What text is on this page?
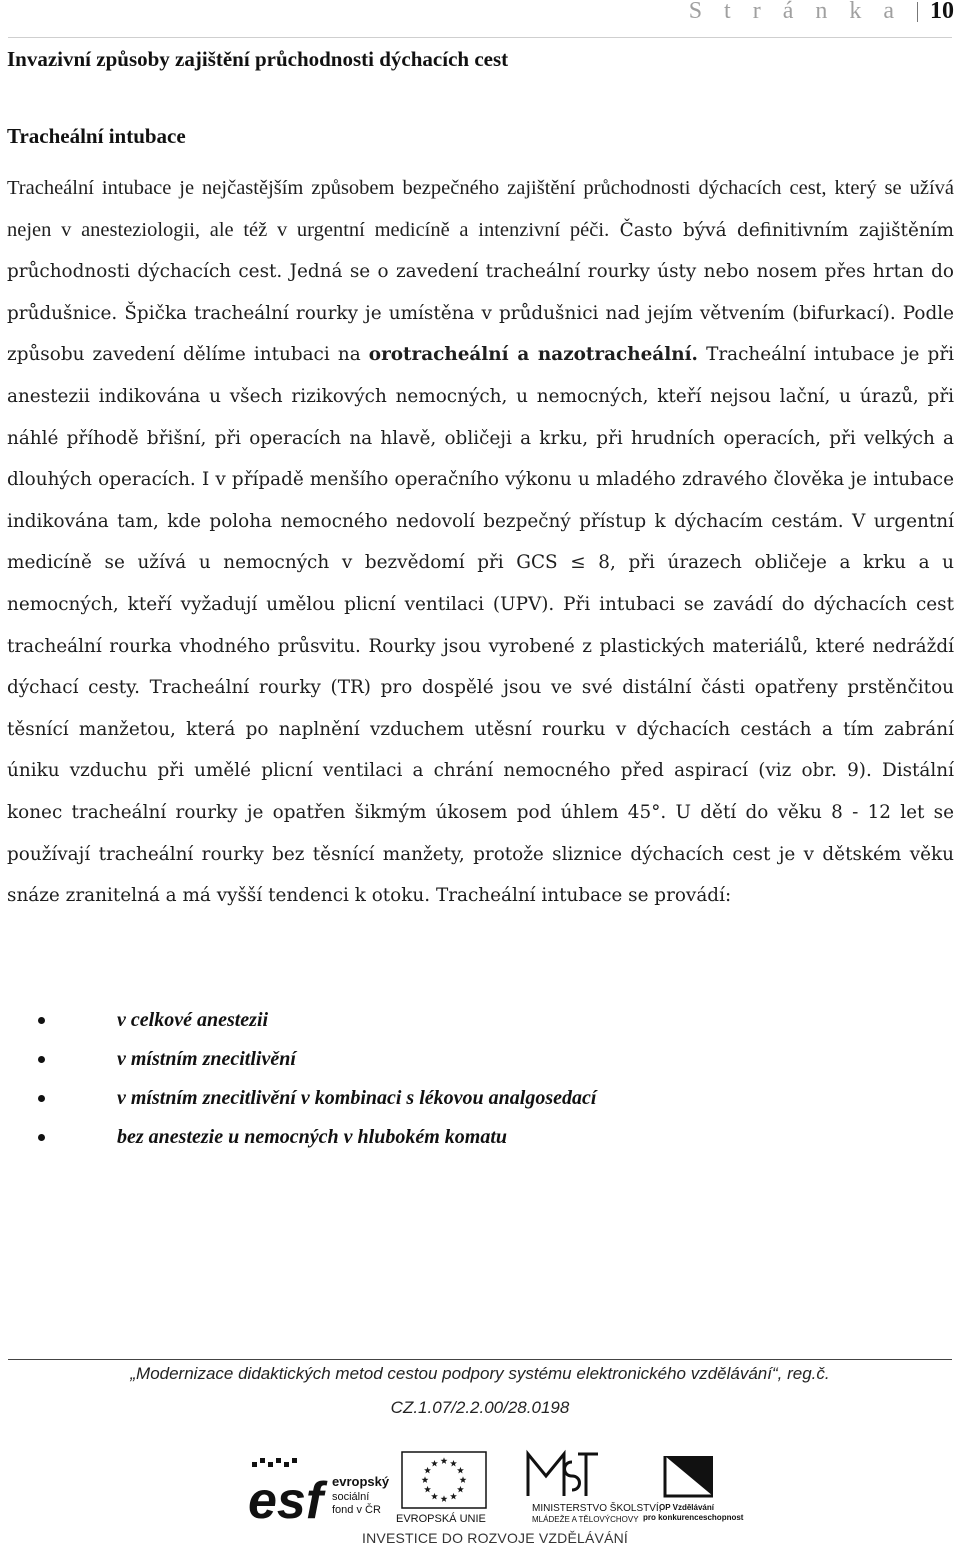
S t r á n k a 10
Invazivní způsoby zajištění průchodnosti dýchacích cest
Tracheální intubace

Tracheální intubace je nejčastějším způsobem bezpečného zajištění průchodnosti dýchacích cest, který se užívá nejen v anesteziologii, ale též v urgentní medicíně a intenzivní péči. Často bývá definitivním zajištěním průchodnosti dýchacích cest. Jedná se o zavedení tracheální rourky ústy nebo nosem přes hrtan do průdušnice. Špička tracheální rourky je umístěna v průdušnici nad jejím větvením (bifurkací). Podle způsobu zavedení dělíme intubaci na orotracheální a nazotracheální. Tracheální intubace je při anestezii indikována u všech rizikových nemocných, u nemocných, kteří nejsou lační, u úrazů, při náhlé příhodě břišní, při operacích na hlavě, obličeji a krku, při hrudních operacích, při velkých a dlouhých operacích. I v případě menšího operačního výkonu u mladého zdravého člověka je intubace indikována tam, kde poloha nemocného nedovolí bezpečný přístup k dýchacím cestám. V urgentní medicíně se užívá u nemocných v bezvědomí při GCS ≤ 8, při úrazech obličeje a krku a u nemocných, kteří vyžadují umělou plicní ventilaci (UPV). Při intubaci se zavádí do dýchacích cest tracheální rourka vhodného průsvitu. Rourky jsou vyrobené z plastických materiálů, které nedráždí dýchací cesty. Tracheální rourky (TR) pro dospělé jsou ve své distální části opatřeny prstěnčitou těsnící manžetou, která po naplnění vzduchem utěsní rourku v dýchacích cestách a tím zabrání úniku vzduchu při umělé plicní ventilaci a chrání nemocného před aspirací (viz obr. 9). Distální konec tracheální rourky je opatřen šikmým úkosem pod úhlem 45°. U dětí do věku 8 - 12 let se používají tracheální rourky bez těsnící manžety, protože sliznice dýchacích cest je v dětském věku snáze zranitelná a má vyšší tendenci k otoku. Tracheální intubace se provádí:

v celkové anestezii
v místním znecitlivění
v místním znecitlivění v kombinaci s lékovou analgosedací
bez anestezie u nemocných v hlubokém komatu
„Modernizace didaktických metod cestou podpory systému elektronického vzdělávání“, reg.č.
CZ.1.07/2.2.00/28.0198
esf evropský
sociální
fond v ČR
EVROPSKÁ UNIE
MINISTERSTVO ŠKOLSTVÍ,
MLÁDEŽE A TĚLOVÝCHOVY
OP Vzdělávání
pro konkurenceschopnost
INVESTICE DO ROZVOJE VZDĚLÁVÁNÍ
